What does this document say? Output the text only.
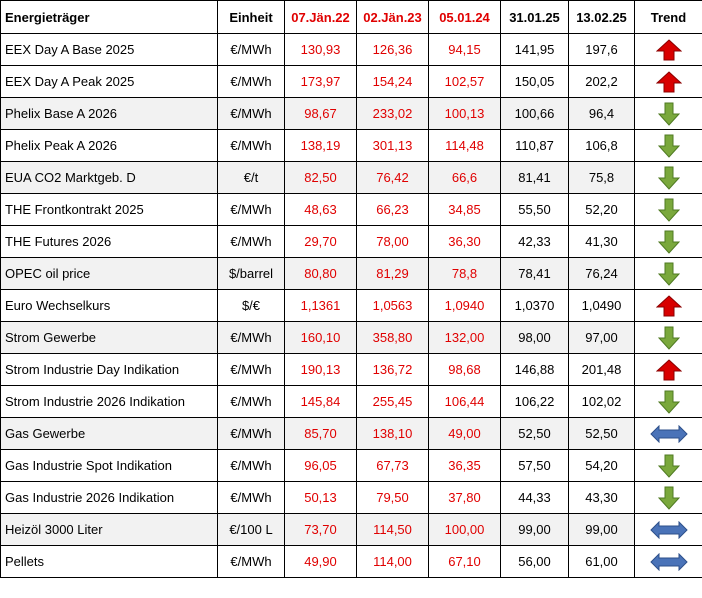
Energieträger	Einheit	07.Jän.22	02.Jän.23	05.01.24	31.01.25	13.02.25	Trend
EEX Day A Base 2025	€/MWh	130,93	126,36	94,15	141,95	197,6	

EEX Day A Peak 2025	€/MWh	173,97	154,24	102,57	150,05	202,2	

Phelix Base A 2026	€/MWh	98,67	233,02	100,13	100,66	96,4	

Phelix Peak A 2026	€/MWh	138,19	301,13	114,48	110,87	106,8	

EUA CO2 Marktgeb. D	€/t	82,50	76,42	66,6	81,41	75,8	

THE Frontkontrakt 2025	€/MWh	48,63	66,23	34,85	55,50	52,20	

THE Futures 2026	€/MWh	29,70	78,00	36,30	42,33	41,30	

OPEC oil price	$/barrel	80,80	81,29	78,8	78,41	76,24	

Euro Wechselkurs	$/€	1,1361	1,0563	1,0940	1,0370	1,0490	

Strom Gewerbe	€/MWh	160,10	358,80	132,00	98,00	97,00	

Strom Industrie Day Indikation	€/MWh	190,13	136,72	98,68	146,88	201,48	

Strom Industrie 2026 Indikation	€/MWh	145,84	255,45	106,44	106,22	102,02	

Gas Gewerbe	€/MWh	85,70	138,10	49,00	52,50	52,50	

Gas Industrie Spot Indikation	€/MWh	96,05	67,73	36,35	57,50	54,20	

Gas Industrie 2026 Indikation	€/MWh	50,13	79,50	37,80	44,33	43,30	

Heizöl 3000 Liter	€/100 L	73,70	114,50	100,00	99,00	99,00	

Pellets	€/MWh	49,90	114,00	67,10	56,00	61,00	
